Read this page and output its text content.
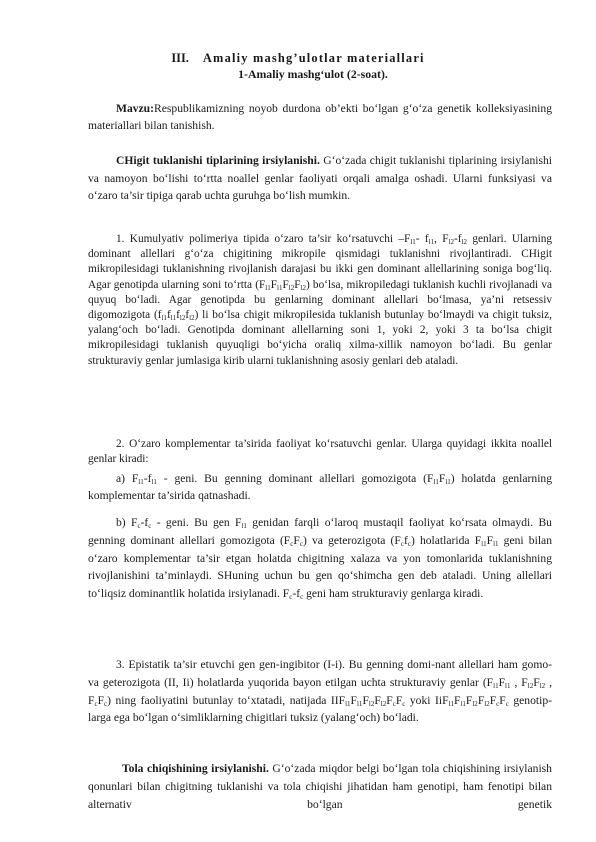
III. Amaliy mashg’ulotlar materiallari
1-Amaliy mashg‘ulot (2-soat).

Mavzu:Respublikamizning noyob durdona ob’ekti bo‘lgan g‘o‘za genetik kolleksiyasining materiallari bilan tanishish.

CHigit tuklanishi tiplarining irsiylanishi. G‘o‘zada chigit tuklanishi tiplarining irsiylanishi va namoyon bo‘lishi to‘rtta noallel genlar faoliyati orqali amalga oshadi. Ularni funksiyasi va o‘zaro ta’sir tipiga qarab uchta guruhga bo‘lish mumkin.

1. Kumulyativ polimeriya tipida o‘zaro ta’sir ko‘rsatuvchi $-F_{l1}-$ $f_{l1}$, $F_{l2}-f_{l2}$ genlari. Ularning dominant allellari g‘o‘za chigitining mikropile qismidagi tuklanishni rivojlantiradi. CHigit mikropilesidagi tuklanishning rivojlanish darajasi bu ikki gen dominant allellarining soniga bog‘liq. Agar genotipda ularning soni to‘rtta $(F_{l1}F_{l1}F_{l2}F_{l2})$ bo‘lsa, mikropiledagi tuklanish kuchli rivojlanadi va quyuq bo‘ladi. Agar genotipda bu genlarning dominant allellari bo‘lmasa, ya’ni retsessiv digomozigota $(f_{l1}f_{l1}f_{l2}f_{l2})$ li bo‘lsa chigit mikropilesida tuklanish butunlay bo‘lmaydi va chigit tuksiz, yalang‘och bo‘ladi. Genotipda dominant allellarning soni 1, yoki 2, yoki 3 ta bo‘lsa chigit mikropilesidagi tuklanish quyuqligi bo‘yicha oraliq xilma-xillik namoyon bo‘ladi. Bu genlar strukturaviy genlar jumlasiga kirib ularni tuklanishning asosiy genlari deb ataladi.

2. O‘zaro komplementar ta’sirida faoliyat ko‘rsatuvchi genlar. Ularga quyidagi ikkita noallel genlar kiradi:

a) $F_{l1}-f_{l1}$ - geni. Bu genning dominant allellari gomozigota $(F_{l1}F_{l1})$ holatda genlarning komplementar ta’sirida qatnashadi.

b) $F_c-f_c$ - geni. Bu gen $F_{l1}$ genidan farqli o‘laroq mustaqil faoliyat ko‘rsata olmaydi. Bu genning dominant allellari gomozigota $(F_cF_c)$ va geterozigota $(F_cf_c)$ holatlarida $F_{l1}F_{l1}$ geni bilan o‘zaro komplementar ta’sir etgan holatda chigitning xalaza va yon tomonlarida tuklanishning rivojlanishini ta’minlaydi. SHuning uchun bu gen qo‘shimcha gen deb ataladi. Uning allellari to‘liqsiz dominantlik holatida irsiylanadi. $F_c-f_c$ geni ham strukturaviy genlarga kiradi.

3. Epistatik ta’sir etuvchi gen gen-ingibitor (I-i). Bu genning domi-nant allellari ham gomo- va geterozigota (II, Ii) holatlarda yuqorida bayon etilgan uchta strukturaviy genlar ($F_{l1}F_{l1}$ , $F_{l2}F_{l2}$ , $F_cF_c$) ning faoliyatini butunlay to‘xtatadi, natijada $IIF_{l1}F_{l1}F_{l2}F_{l2}F_cF_c$ yoki $IiF_{l1}F_{l1}F_{l2}F_{l2}F_cF_c$ genotip-larga ega bo‘lgan o‘simliklarning chigitlari tuksiz (yalang‘och) bo‘ladi.

Tola chiqishining irsiylanishi. G‘o‘zada miqdor belgi bo‘lgan tola chiqishining irsiylanish qonunlari bilan chigitning tuklanishi va tola chiqishi jihatidan ham genotipi, ham fenotipi bilan alternativ bo‘lgan genetik
